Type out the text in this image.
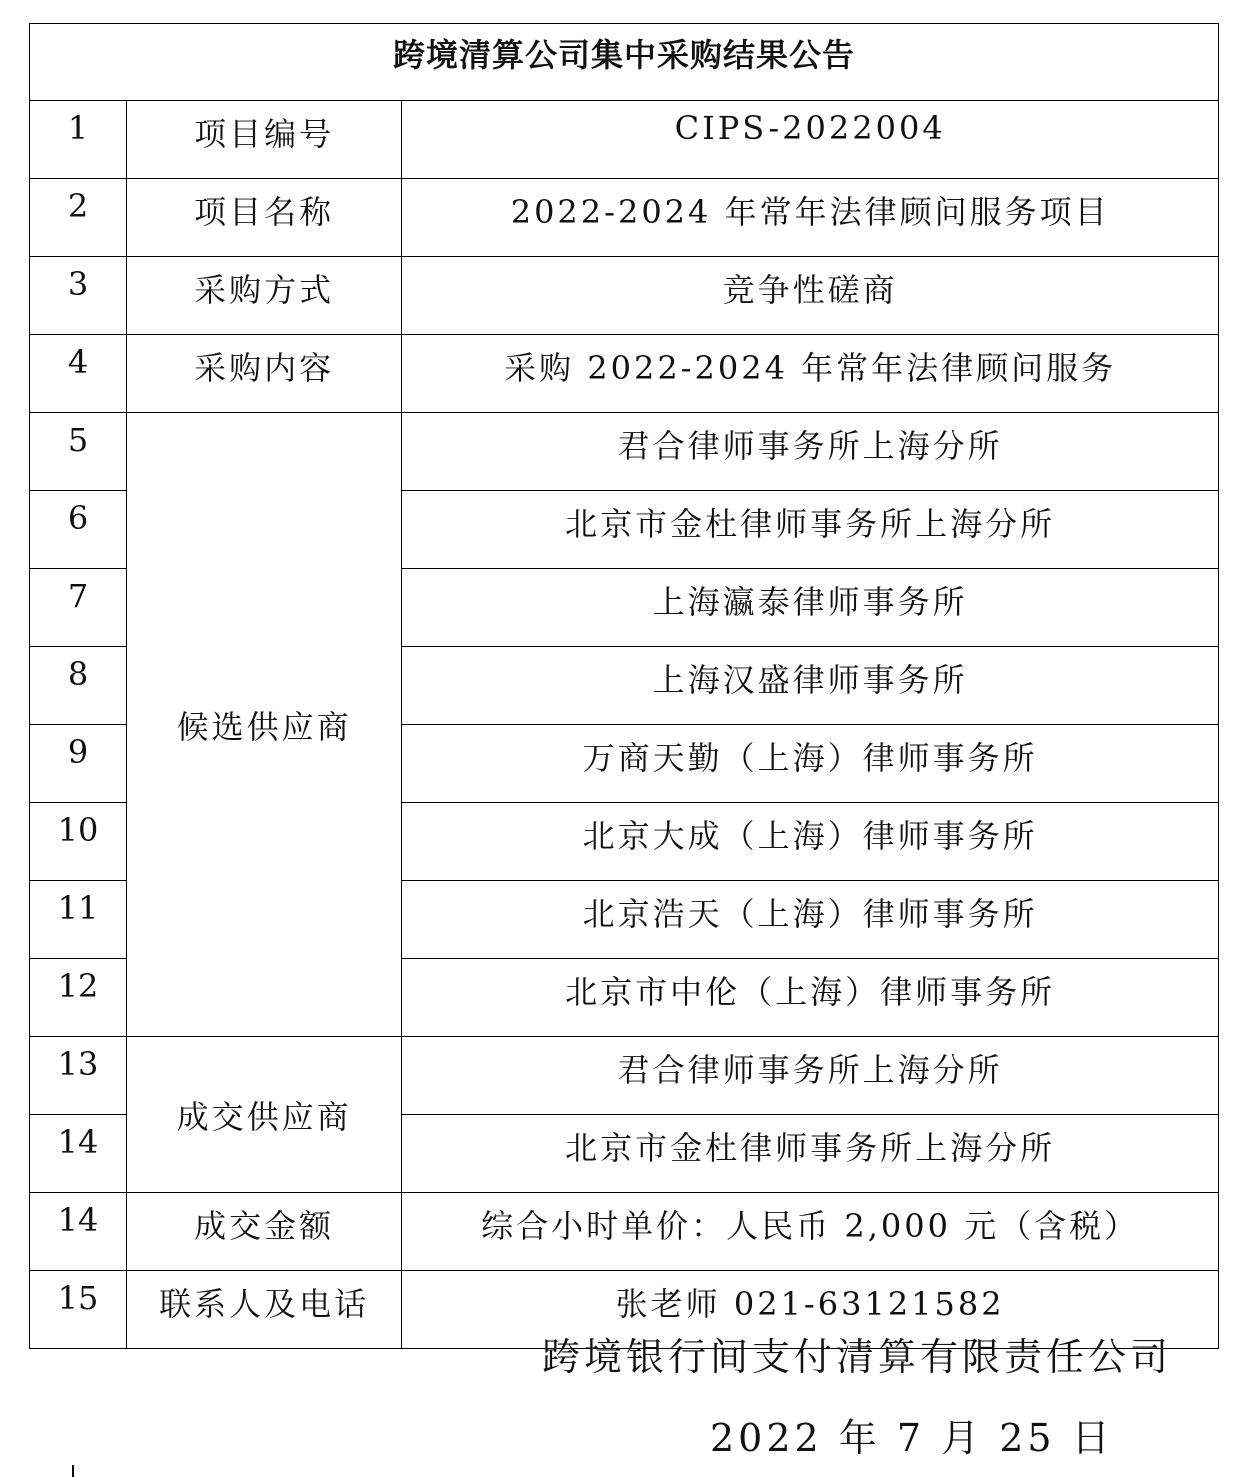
跨境清算公司集中采购结果公告		
1	项目编号	CIPS-2022004
2	项目名称	2022-2024 年常年法律顾问服务项目
3	采购方式	竞争性磋商
4	采购内容	采购 2022-2024 年常年法律顾问服务
5	候选供应商	君合律师事务所上海分所
6		北京市金杜律师事务所上海分所
7		上海瀛泰律师事务所
8		上海汉盛律师事务所
9		万商天勤（上海）律师事务所
10		北京大成（上海）律师事务所
11		北京浩天（上海）律师事务所
12		北京市中伦（上海）律师事务所
13	成交供应商	君合律师事务所上海分所
14		北京市金杜律师事务所上海分所
14	成交金额	综合小时单价：人民币 2,000 元（含税）
15	联系人及电话	张老师 021-63121582
跨境银行间支付清算有限责任公司
2022 年 7 月 25 日
